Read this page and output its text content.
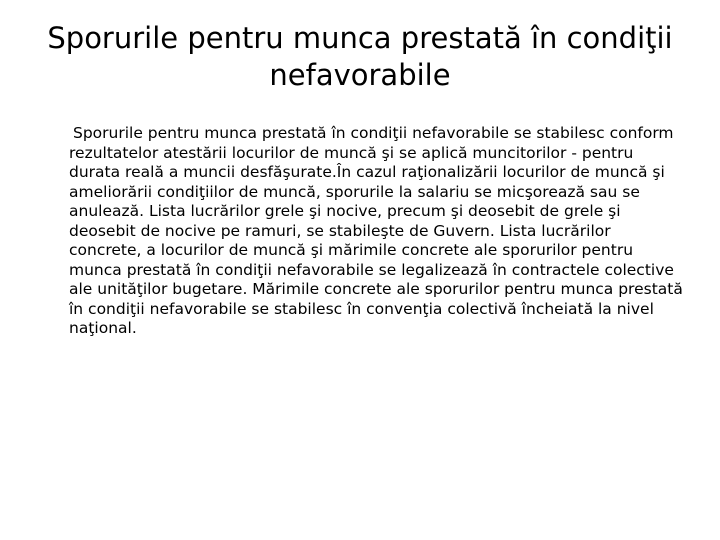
Sporurile pentru munca prestată în condiţii nefavorabile

Sporurile pentru munca prestată în condiţii nefavorabile se stabilesc conform rezultatelor atestării locurilor de muncă şi se aplică muncitorilor - pentru durata reală a muncii desfăşurate.În cazul raţionalizării locurilor de muncă şi ameliorării condiţiilor de muncă, sporurile la salariu se micşorează sau se anulează. Lista lucrărilor grele şi nocive, precum şi deosebit de grele şi deosebit de nocive pe ramuri, se stabileşte de Guvern. Lista lucrărilor concrete, a locurilor de muncă şi mărimile concrete ale sporurilor pentru munca prestată în condiţii nefavorabile se legalizează în contractele colective ale unităţilor bugetare. Mărimile concrete ale sporurilor pentru munca prestată în condiţii nefavorabile se stabilesc în convenţia colectivă încheiată la nivel naţional.
